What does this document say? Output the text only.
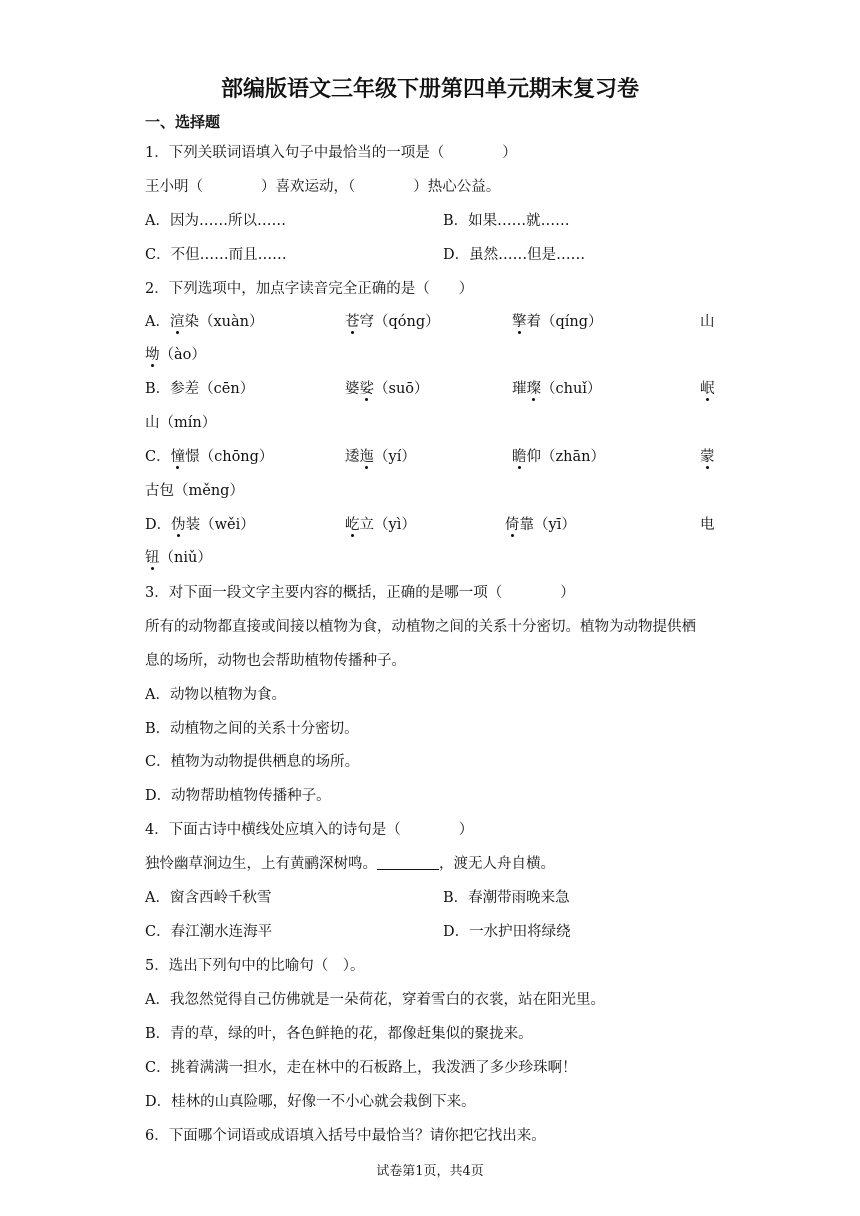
部编版语文三年级下册第四单元期末复习卷
一、选择题
1．下列关联词语填入句子中最恰当的一项是（　　　　）
王小明（　　　　）喜欢运动，（　　　　）热心公益。
A．因为……所以……	B．如果……就……
C．不但……而且……	D．虽然……但是……
2．下列选项中，加点字读音完全正确的是（　　）
A．渲染（xuàn）	苍穹（qóng）	擎着（qíng）	山
坳（ào）
B．参差（cēn）	婆娑（suō）	璀璨（chuǐ）	岷
山（mín）
C．憧憬（chōng）	逶迤（yí）	瞻仰（zhān）	蒙
古包（měng）
D．伪装（wěi）	屹立（yì）	倚靠（yī）	电
钮（niǔ）
3．对下面一段文字主要内容的概括，正确的是哪一项（　　　　）
所有的动物都直接或间接以植物为食，动植物之间的关系十分密切。植物为动物提供栖
息的场所，动物也会帮助植物传播种子。
A．动物以植物为食。
B．动植物之间的关系十分密切。
C．植物为动物提供栖息的场所。
D．动物帮助植物传播种子。
4．下面古诗中横线处应填入的诗句是（　　　　）
独怜幽草涧边生，上有黄鹂深树鸣。	，渡无人舟自横。
A．窗含西岭千秋雪	B．春潮带雨晚来急
C．春江潮水连海平	D．一水护田将绿绕
5．选出下列句中的比喻句（　）。
A．我忽然觉得自己仿佛就是一朵荷花，穿着雪白的衣裳，站在阳光里。
B．青的草，绿的叶，各色鲜艳的花，都像赶集似的聚拢来。
C．挑着满满一担水，走在林中的石板路上，我泼洒了多少珍珠啊！
D．桂林的山真险哪，好像一不小心就会栽倒下来。
6．下面哪个词语或成语填入括号中最恰当？请你把它找出来。
试卷第1页，共4页
